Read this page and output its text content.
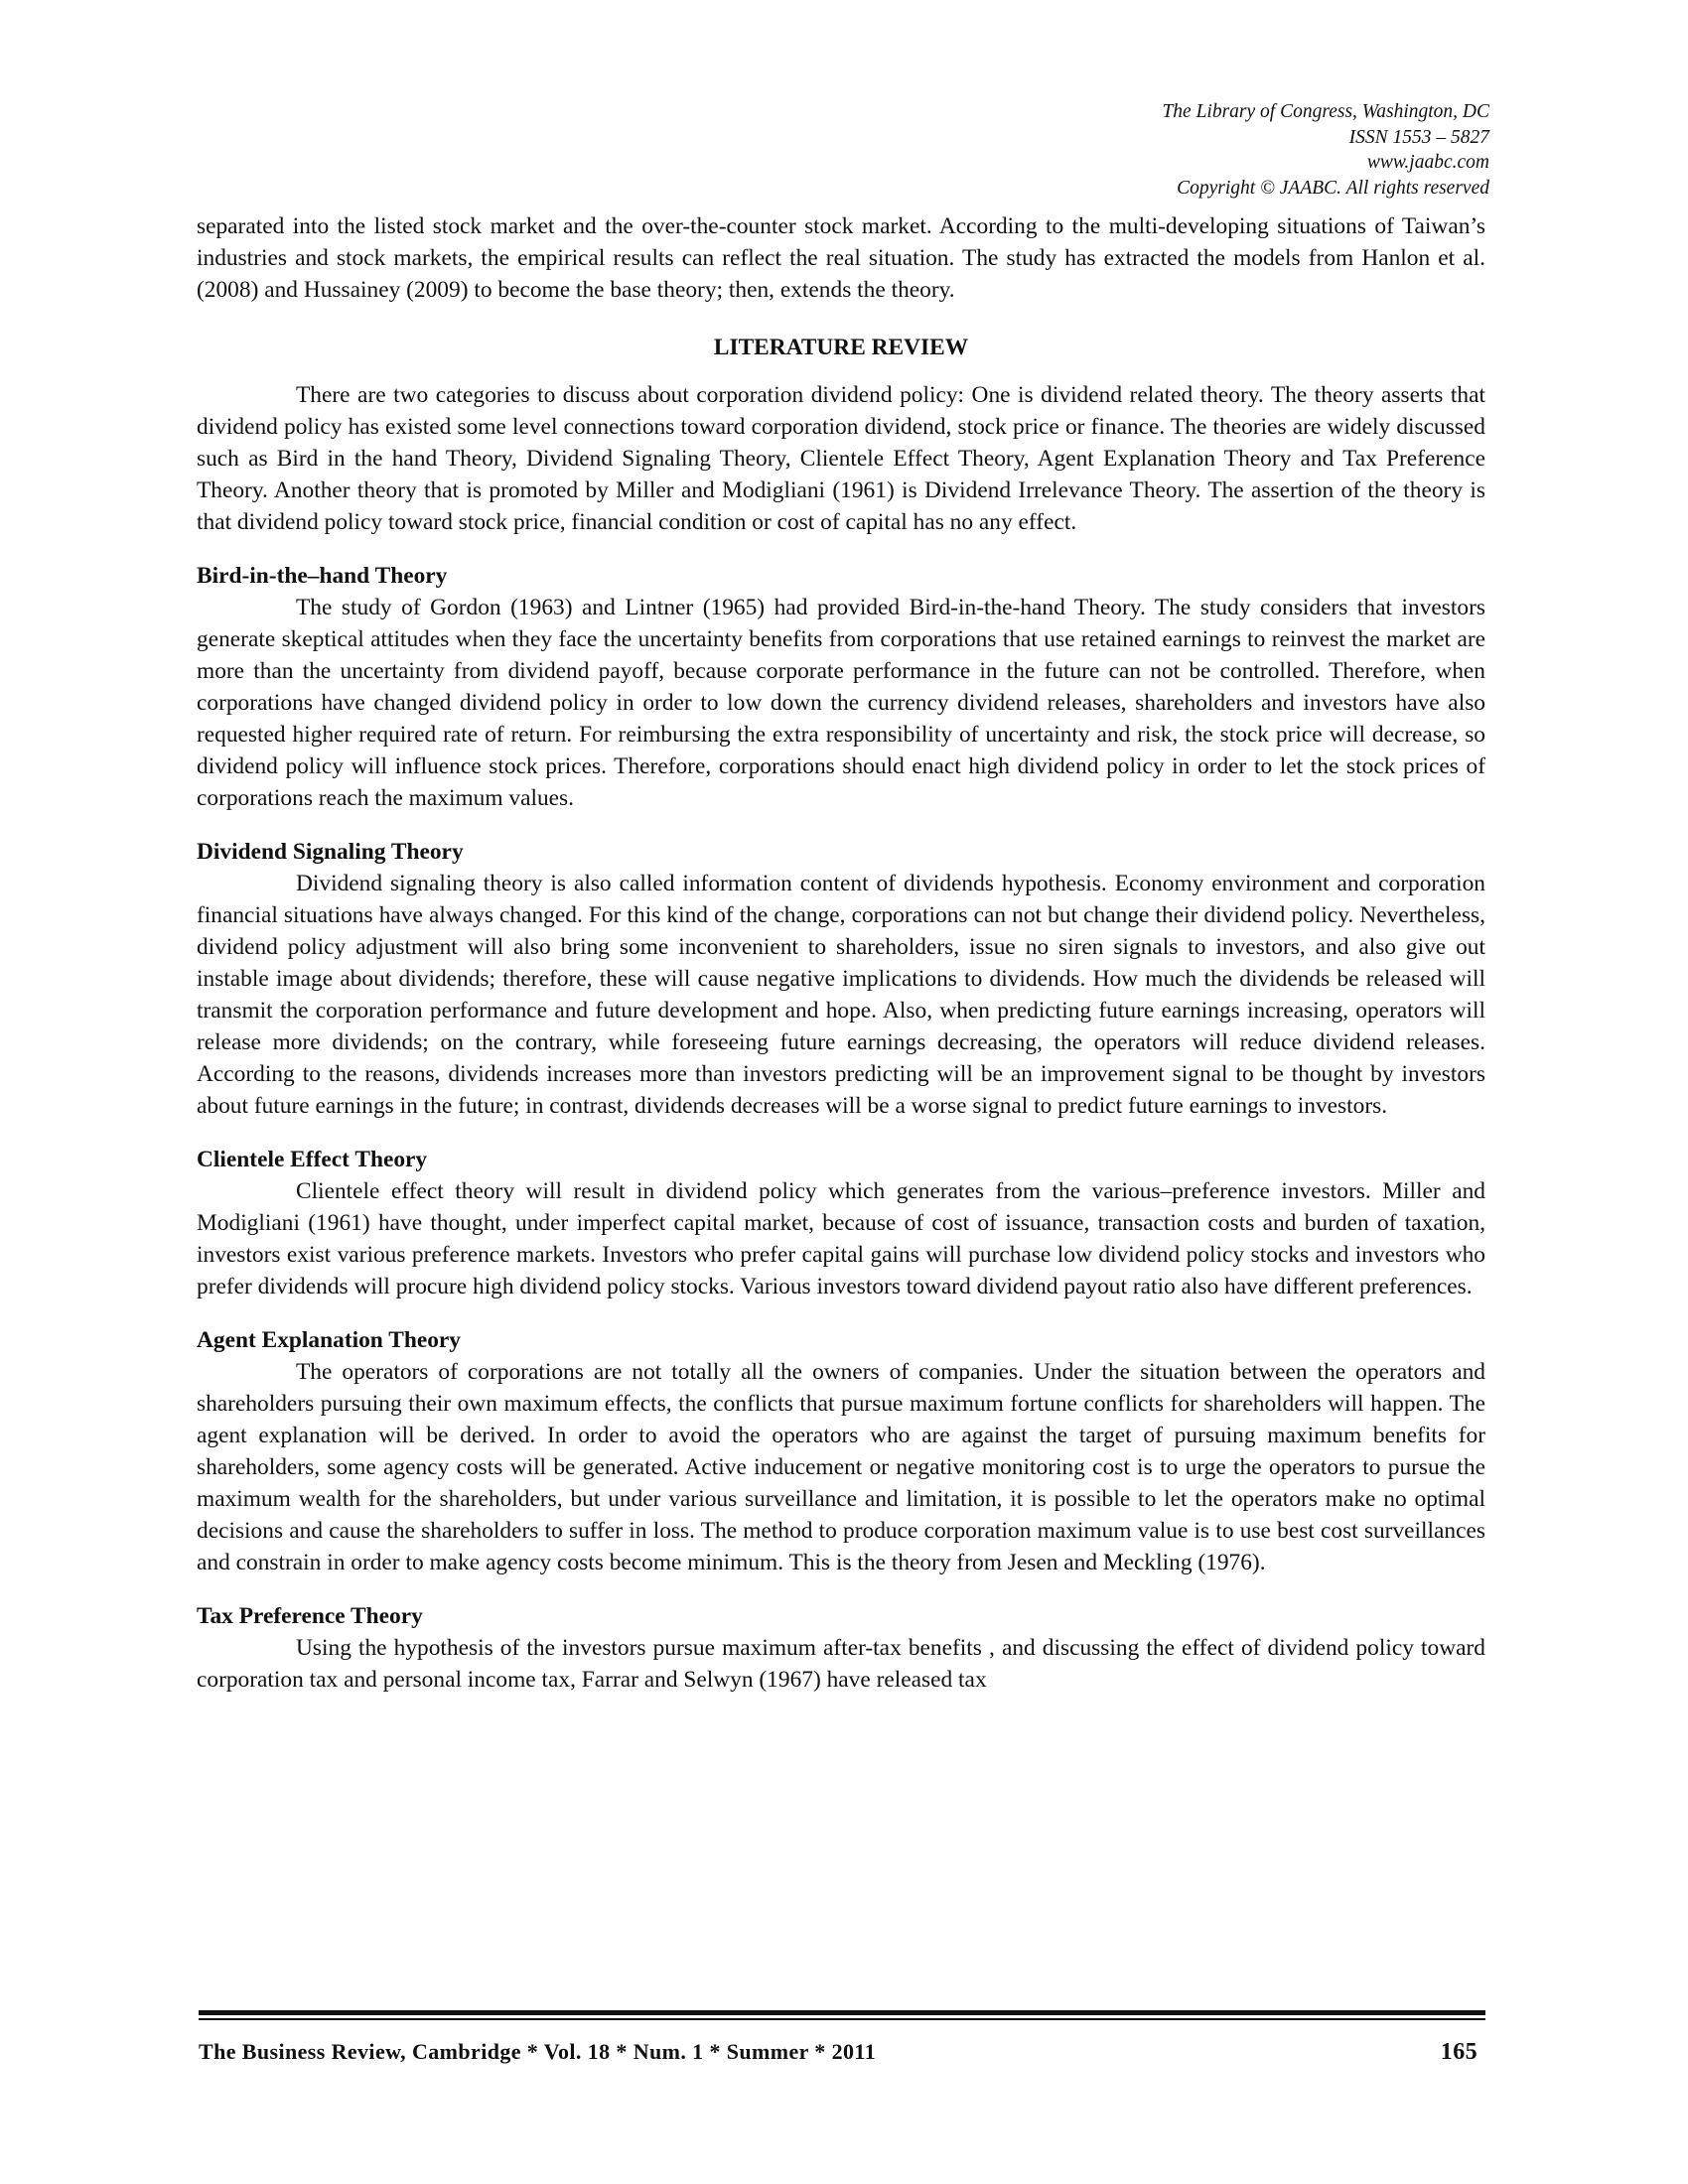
The Library of Congress, Washington, DC
ISSN 1553 – 5827
www.jaabc.com
Copyright © JAABC. All rights reserved

separated into the listed stock market and the over-the-counter stock market. According to the multi-developing situations of Taiwan’s industries and stock markets, the empirical results can reflect the real situation. The study has extracted the models from Hanlon et al. (2008) and Hussainey (2009) to become the base theory; then, extends the theory.

LITERATURE REVIEW

There are two categories to discuss about corporation dividend policy: One is dividend related theory. The theory asserts that dividend policy has existed some level connections toward corporation dividend, stock price or finance. The theories are widely discussed such as Bird in the hand Theory, Dividend Signaling Theory, Clientele Effect Theory, Agent Explanation Theory and Tax Preference Theory. Another theory that is promoted by Miller and Modigliani (1961) is Dividend Irrelevance Theory. The assertion of the theory is that dividend policy toward stock price, financial condition or cost of capital has no any effect.

Bird-in-the–hand Theory

The study of Gordon (1963) and Lintner (1965) had provided Bird-in-the-hand Theory. The study considers that investors generate skeptical attitudes when they face the uncertainty benefits from corporations that use retained earnings to reinvest the market are more than the uncertainty from dividend payoff, because corporate performance in the future can not be controlled. Therefore, when corporations have changed dividend policy in order to low down the currency dividend releases, shareholders and investors have also requested higher required rate of return. For reimbursing the extra responsibility of uncertainty and risk, the stock price will decrease, so dividend policy will influence stock prices. Therefore, corporations should enact high dividend policy in order to let the stock prices of corporations reach the maximum values.

Dividend Signaling Theory

Dividend signaling theory is also called information content of dividends hypothesis. Economy environment and corporation financial situations have always changed. For this kind of the change, corporations can not but change their dividend policy. Nevertheless, dividend policy adjustment will also bring some inconvenient to shareholders, issue no siren signals to investors, and also give out instable image about dividends; therefore, these will cause negative implications to dividends. How much the dividends be released will transmit the corporation performance and future development and hope. Also, when predicting future earnings increasing, operators will release more dividends; on the contrary, while foreseeing future earnings decreasing, the operators will reduce dividend releases. According to the reasons, dividends increases more than investors predicting will be an improvement signal to be thought by investors about future earnings in the future; in contrast, dividends decreases will be a worse signal to predict future earnings to investors.

Clientele Effect Theory

Clientele effect theory will result in dividend policy which generates from the various–preference investors. Miller and Modigliani (1961) have thought, under imperfect capital market, because of cost of issuance, transaction costs and burden of taxation, investors exist various preference markets. Investors who prefer capital gains will purchase low dividend policy stocks and investors who prefer dividends will procure high dividend policy stocks. Various investors toward dividend payout ratio also have different preferences.

Agent Explanation Theory

The operators of corporations are not totally all the owners of companies. Under the situation between the operators and shareholders pursuing their own maximum effects, the conflicts that pursue maximum fortune conflicts for shareholders will happen. The agent explanation will be derived. In order to avoid the operators who are against the target of pursuing maximum benefits for shareholders, some agency costs will be generated. Active inducement or negative monitoring cost is to urge the operators to pursue the maximum wealth for the shareholders, but under various surveillance and limitation, it is possible to let the operators make no optimal decisions and cause the shareholders to suffer in loss. The method to produce corporation maximum value is to use best cost surveillances and constrain in order to make agency costs become minimum. This is the theory from Jesen and Meckling (1976).

Tax Preference Theory

Using the hypothesis of the investors pursue maximum after-tax benefits , and discussing the effect of dividend policy toward corporation tax and personal income tax, Farrar and Selwyn (1967) have released tax

The Business Review, Cambridge * Vol. 18 * Num. 1 * Summer * 2011	165
